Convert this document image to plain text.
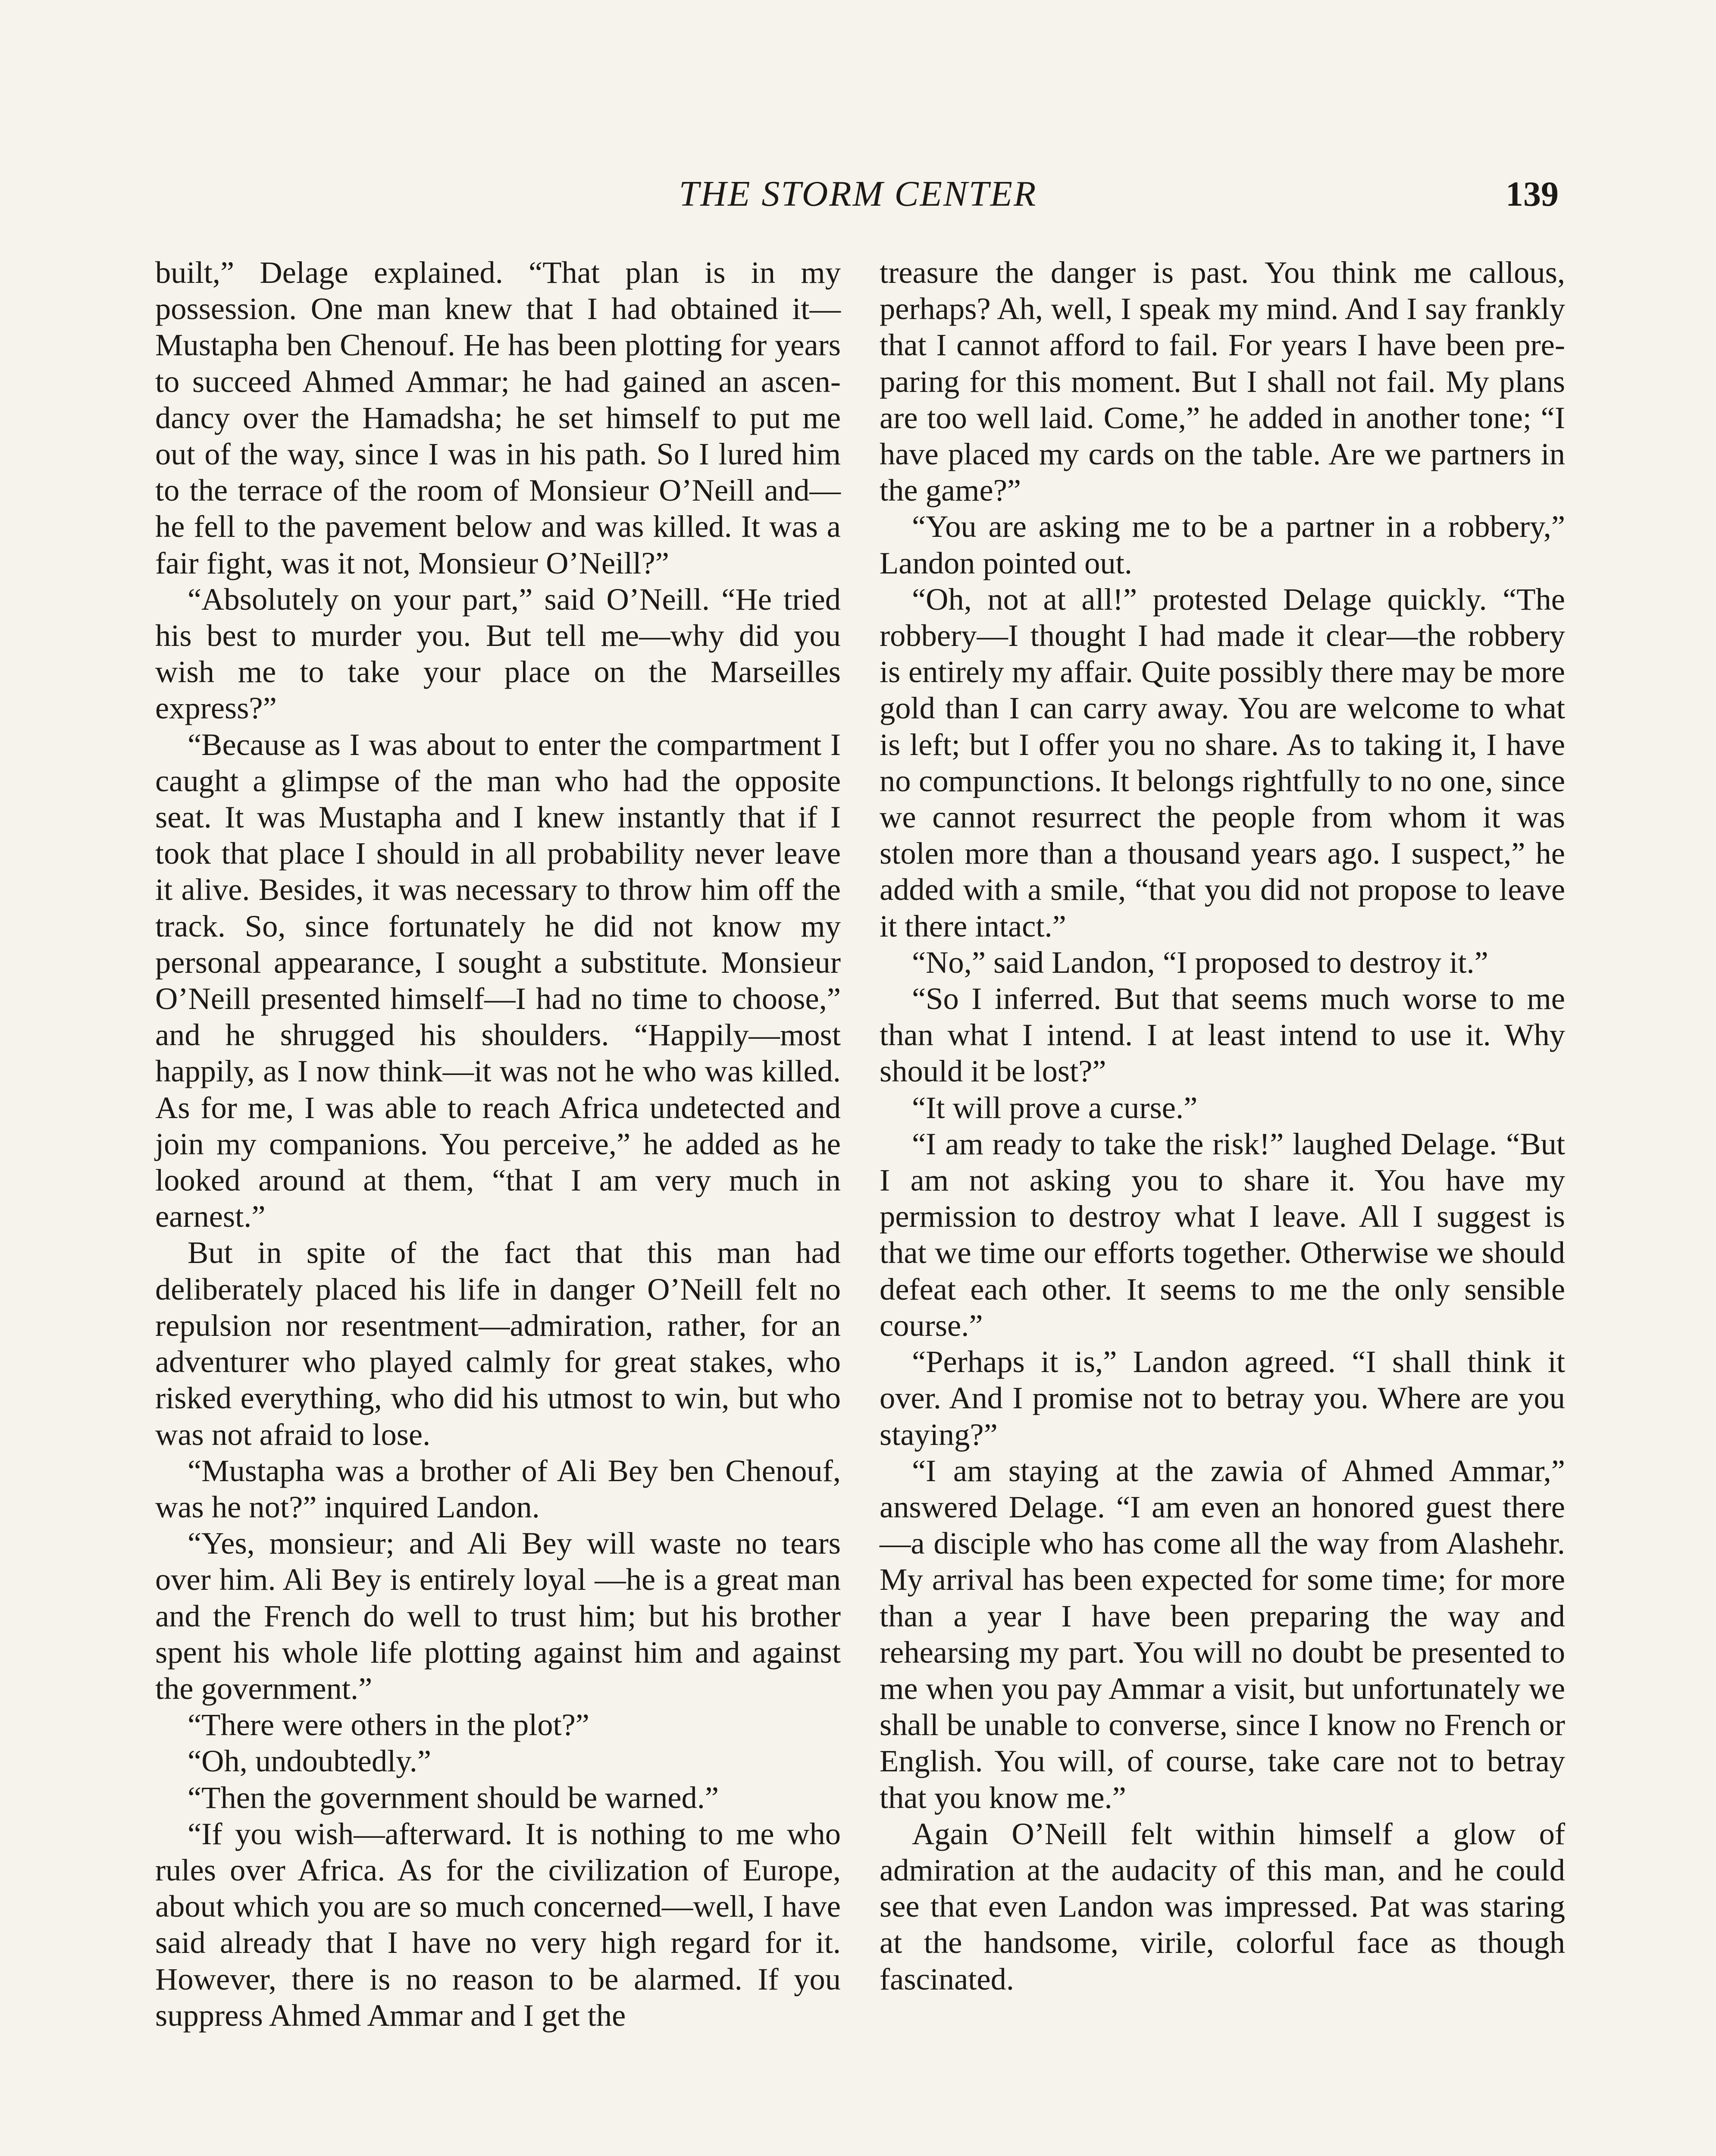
THE STORM CENTER	139

built,” Delage explained. “That plan is in my possession. One man knew that I had obtained it—Mustapha ben Chenouf. He has been plotting for years to succeed Ahmed Ammar; he had gained an ascendancy over the Hamadsha; he set himself to put me out of the way, since I was in his path. So I lured him to the terrace of the room of Monsieur O’Neill and—he fell to the pavement below and was killed. It was a fair fight, was it not, Monsieur O’Neill?”

“Absolutely on your part,” said O’Neill. “He tried his best to murder you. But tell me—why did you wish me to take your place on the Marseilles express?”

“Because as I was about to enter the compartment I caught a glimpse of the man who had the opposite seat. It was Mustapha and I knew instantly that if I took that place I should in all probability never leave it alive. Besides, it was necessary to throw him off the track. So, since fortunately he did not know my personal appearance, I sought a substitute. Monsieur O’Neill presented himself—I had no time to choose,” and he shrugged his shoulders. “Happily—most happily, as I now think—it was not he who was killed. As for me, I was able to reach Africa undetected and join my companions. You perceive,” he added as he looked around at them, “that I am very much in earnest.”

But in spite of the fact that this man had deliberately placed his life in danger O’Neill felt no repulsion nor resentment—admiration, rather, for an adventurer who played calmly for great stakes, who risked everything, who did his utmost to win, but who was not afraid to lose.

“Mustapha was a brother of Ali Bey ben Chenouf, was he not?” inquired Landon.

“Yes, monsieur; and Ali Bey will waste no tears over him. Ali Bey is entirely loyal —he is a great man and the French do well to trust him; but his brother spent his whole life plotting against him and against the government.”

“There were others in the plot?”

“Oh, undoubtedly.”

“Then the government should be warned.”

“If you wish—afterward. It is nothing to me who rules over Africa. As for the civilization of Europe, about which you are so much concerned—well, I have said already that I have no very high regard for it. However, there is no reason to be alarmed. If you suppress Ahmed Ammar and I get the

treasure the danger is past. You think me callous, perhaps? Ah, well, I speak my mind. And I say frankly that I cannot afford to fail. For years I have been preparing for this moment. But I shall not fail. My plans are too well laid. Come,” he added in another tone; “I have placed my cards on the table. Are we partners in the game?”

“You are asking me to be a partner in a robbery,” Landon pointed out.

“Oh, not at all!” protested Delage quickly. “The robbery—I thought I had made it clear—the robbery is entirely my affair. Quite possibly there may be more gold than I can carry away. You are welcome to what is left; but I offer you no share. As to taking it, I have no compunctions. It belongs rightfully to no one, since we cannot resurrect the people from whom it was stolen more than a thousand years ago. I suspect,” he added with a smile, “that you did not propose to leave it there intact.”

“No,” said Landon, “I proposed to destroy it.”

“So I inferred. But that seems much worse to me than what I intend. I at least intend to use it. Why should it be lost?”

“It will prove a curse.”

“I am ready to take the risk!” laughed Delage. “But I am not asking you to share it. You have my permission to destroy what I leave. All I suggest is that we time our efforts together. Otherwise we should defeat each other. It seems to me the only sensible course.”

“Perhaps it is,” Landon agreed. “I shall think it over. And I promise not to betray you. Where are you staying?”

“I am staying at the zawia of Ahmed Ammar,” answered Delage. “I am even an honored guest there—a disciple who has come all the way from Alashehr. My arrival has been expected for some time; for more than a year I have been preparing the way and rehearsing my part. You will no doubt be presented to me when you pay Ammar a visit, but unfortunately we shall be unable to converse, since I know no French or English. You will, of course, take care not to betray that you know me.”

Again O’Neill felt within himself a glow of admiration at the audacity of this man, and he could see that even Landon was impressed. Pat was staring at the handsome, virile, colorful face as though fascinated.
